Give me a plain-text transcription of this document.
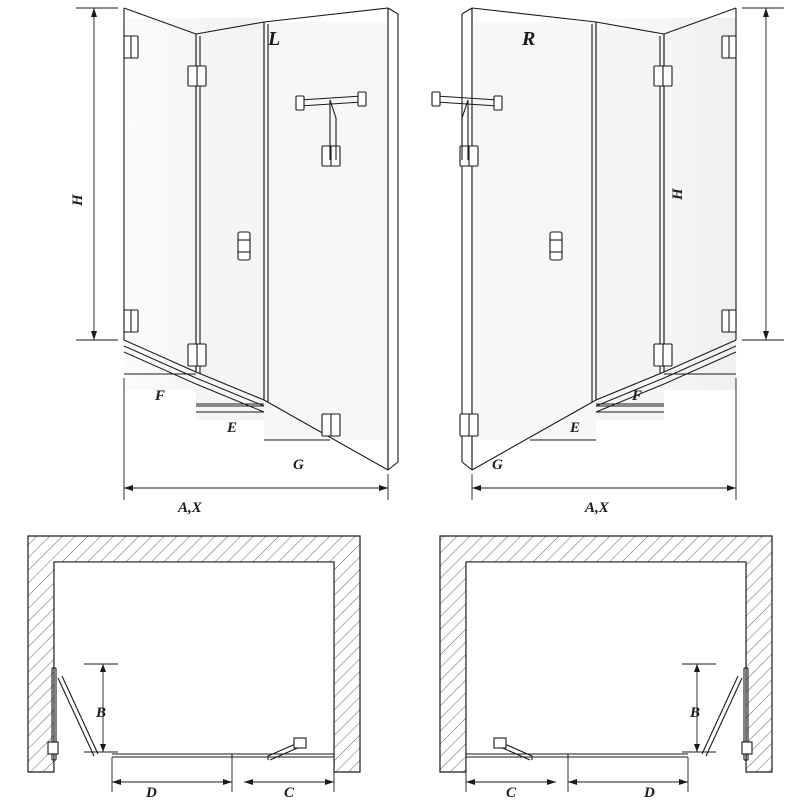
L
H
F
E
G
A,X
R
H
F
E
G
A,X
B
D	C
B
C	D
